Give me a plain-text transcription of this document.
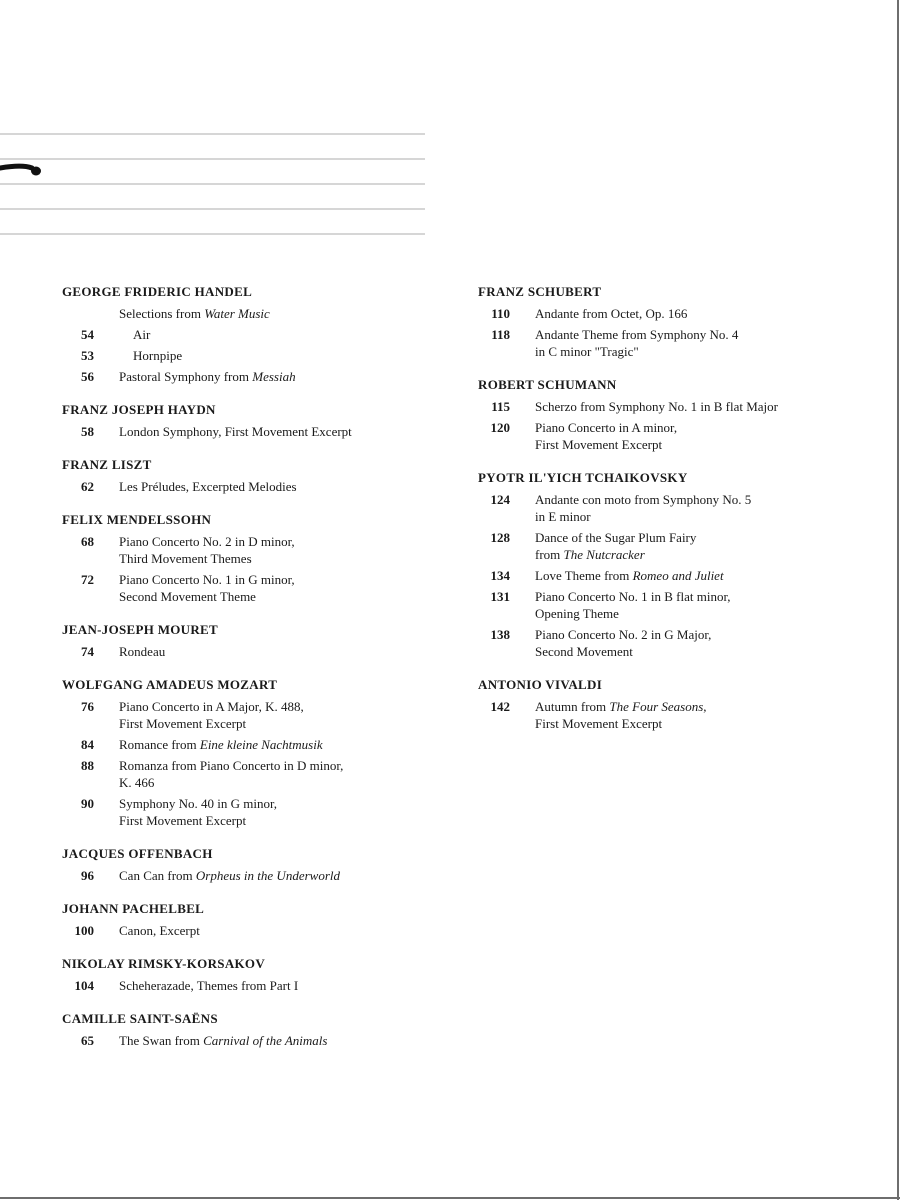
GEORGE FRIDERIC HANDEL
Selections from Water Music
54	Air
53	Hornpipe
56 Pastoral Symphony from Messiah
FRANZ JOSEPH HAYDN
58 London Symphony, First Movement Excerpt
FRANZ LISZT
62 Les Préludes, Excerpted Melodies
FELIX MENDELSSOHN
68 Piano Concerto No. 2 in D minor,
Third Movement Themes
72 Piano Concerto No. 1 in G minor,
Second Movement Theme
JEAN-JOSEPH MOURET
74 Rondeau
WOLFGANG AMADEUS MOZART
76 Piano Concerto in A Major, K. 488,
First Movement Excerpt
84 Romance from Eine kleine Nachtmusik
88 Romanza from Piano Concerto in D minor,
K. 466
90 Symphony No. 40 in G minor,
First Movement Excerpt
JACQUES OFFENBACH
96 Can Can from Orpheus in the Underworld
JOHANN PACHELBEL
100 Canon, Excerpt
NIKOLAY RIMSKY-KORSAKOV
104 Scheherazade, Themes from Part I
CAMILLE SAINT-SAËNS
65 The Swan from Carnival of the Animals
FRANZ SCHUBERT
110 Andante from Octet, Op. 166
118 Andante Theme from Symphony No. 4
in C minor "Tragic"
ROBERT SCHUMANN
115 Scherzo from Symphony No. 1 in B flat Major
120 Piano Concerto in A minor,
First Movement Excerpt
PYOTR IL'YICH TCHAIKOVSKY
124 Andante con moto from Symphony No. 5
in E minor
128 Dance of the Sugar Plum Fairy
from The Nutcracker
134 Love Theme from Romeo and Juliet
131 Piano Concerto No. 1 in B flat minor,
Opening Theme
138 Piano Concerto No. 2 in G Major,
Second Movement
ANTONIO VIVALDI
142 Autumn from The Four Seasons,
First Movement Excerpt
